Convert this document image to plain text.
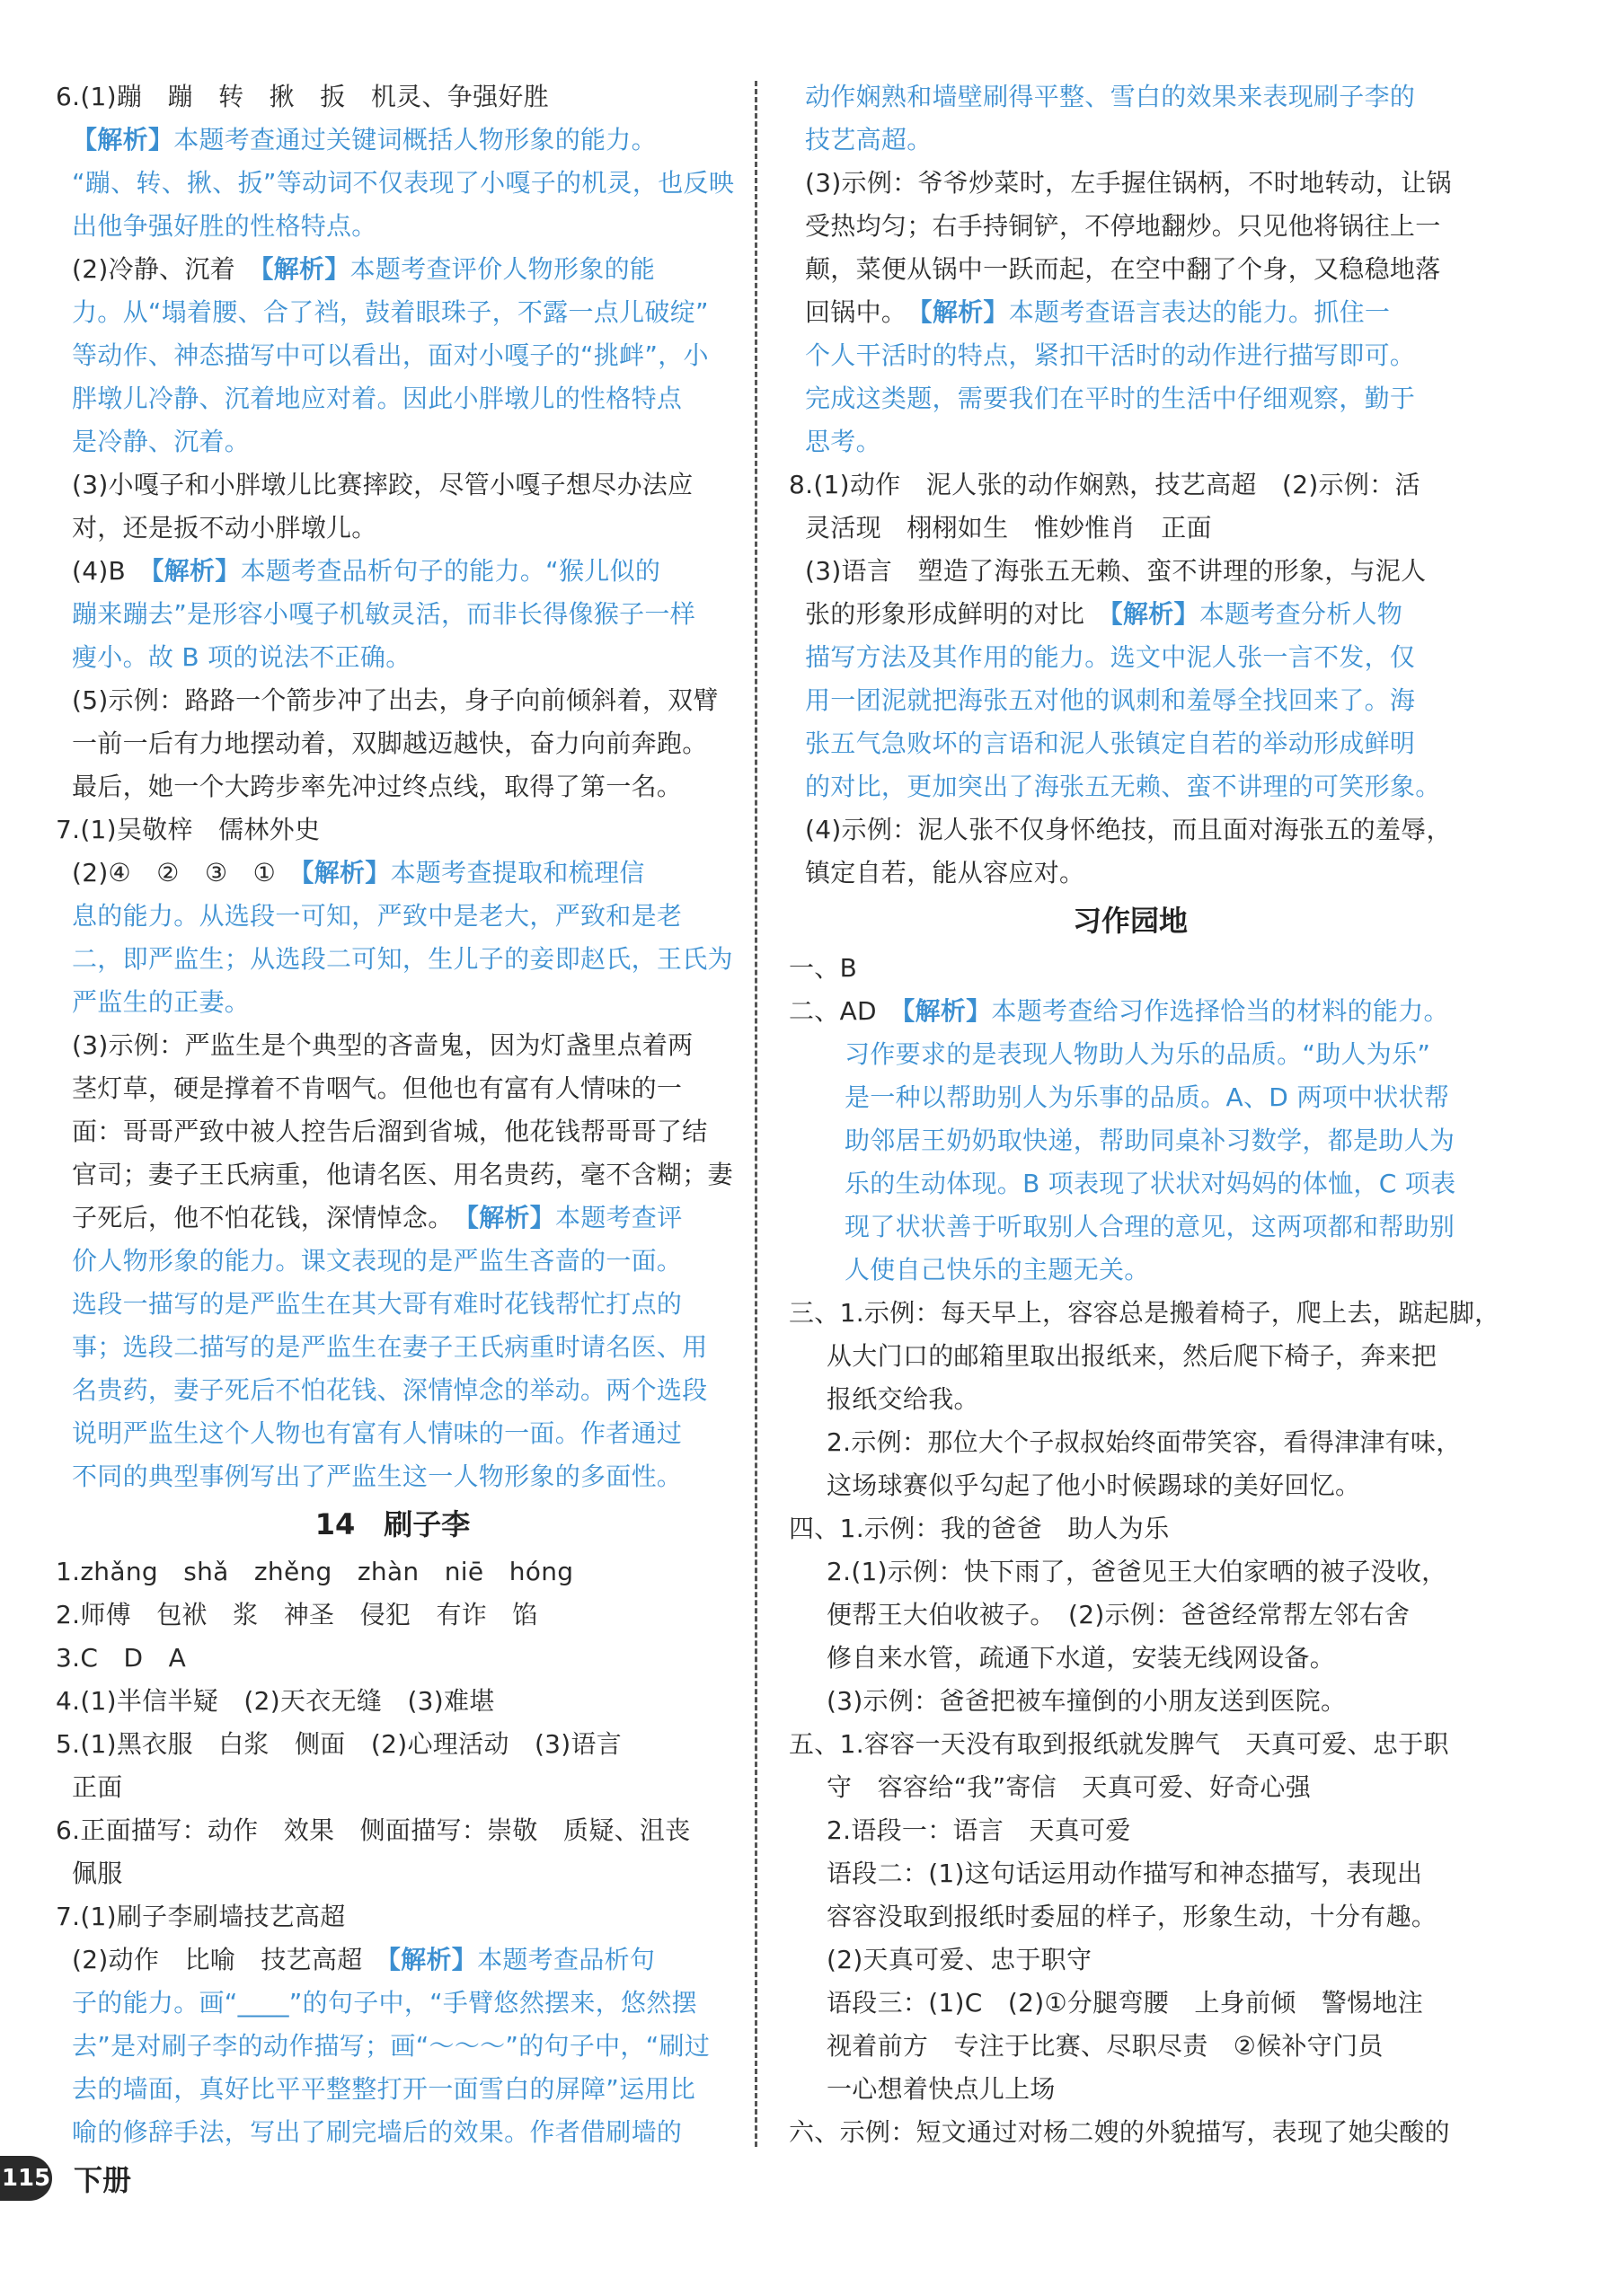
6.(1)蹦　蹦　转　揪　扳　机灵、争强好胜
【解析】本题考查通过关键词概括人物形象的能力。
“蹦、转、揪、扳”等动词不仅表现了小嘎子的机灵，也反映
出他争强好胜的性格特点。
(2)冷静、沉着　【解析】本题考查评价人物形象的能
力。从“塌着腰、合了裆，鼓着眼珠子，不露一点儿破绽”
等动作、神态描写中可以看出，面对小嘎子的“挑衅”，小
胖墩儿冷静、沉着地应对着。因此小胖墩儿的性格特点
是冷静、沉着。
(3)小嘎子和小胖墩儿比赛摔跤，尽管小嘎子想尽办法应
对，还是扳不动小胖墩儿。
(4)B　【解析】本题考查品析句子的能力。“猴儿似的
蹦来蹦去”是形容小嘎子机敏灵活，而非长得像猴子一样
瘦小。故 B 项的说法不正确。
(5)示例：路路一个箭步冲了出去，身子向前倾斜着，双臂
一前一后有力地摆动着，双脚越迈越快，奋力向前奔跑。
最后，她一个大跨步率先冲过终点线，取得了第一名。
7.(1)吴敬梓　儒林外史
(2)④　②　③　①　【解析】本题考查提取和梳理信
息的能力。从选段一可知，严致中是老大，严致和是老
二，即严监生；从选段二可知，生儿子的妾即赵氏，王氏为
严监生的正妻。
(3)示例：严监生是个典型的吝啬鬼，因为灯盏里点着两
茎灯草，硬是撑着不肯咽气。但他也有富有人情味的一
面：哥哥严致中被人控告后溜到省城，他花钱帮哥哥了结
官司；妻子王氏病重，他请名医、用名贵药，毫不含糊；妻
子死后，他不怕花钱，深情悼念。　【解析】本题考查评
价人物形象的能力。课文表现的是严监生吝啬的一面。
选段一描写的是严监生在其大哥有难时花钱帮忙打点的
事；选段二描写的是严监生在妻子王氏病重时请名医、用
名贵药，妻子死后不怕花钱、深情悼念的举动。两个选段
说明严监生这个人物也有富有人情味的一面。作者通过
不同的典型事例写出了严监生这一人物形象的多面性。
14　刷子李
1.zhǎng　shǎ　zhěng　zhàn　niē　hóng
2.师傅　包袱　浆　神圣　侵犯　有诈　馅
3.C　D　A
4.(1)半信半疑　(2)天衣无缝　(3)难堪
5.(1)黑衣服　白浆　侧面　(2)心理活动　(3)语言
正面
6.正面描写：动作　效果　侧面描写：崇敬　质疑、沮丧
佩服
7.(1)刷子李刷墙技艺高超
(2)动作　比喻　技艺高超　【解析】本题考查品析句
子的能力。画“____”的句子中，“手臂悠然摆来，悠然摆
去”是对刷子李的动作描写；画“～～～”的句子中，“刷过
去的墙面，真好比平平整整打开一面雪白的屏障”运用比
喻的修辞手法，写出了刷完墙后的效果。作者借刷墙的
动作娴熟和墙壁刷得平整、雪白的效果来表现刷子李的
技艺高超。
(3)示例：爷爷炒菜时，左手握住锅柄，不时地转动，让锅
受热均匀；右手持铜铲，不停地翻炒。只见他将锅往上一
颠，菜便从锅中一跃而起，在空中翻了个身，又稳稳地落
回锅中。　【解析】本题考查语言表达的能力。抓住一
个人干活时的特点，紧扣干活时的动作进行描写即可。
完成这类题，需要我们在平时的生活中仔细观察，勤于
思考。
8.(1)动作　泥人张的动作娴熟，技艺高超　(2)示例：活
灵活现　栩栩如生　惟妙惟肖　正面
(3)语言　塑造了海张五无赖、蛮不讲理的形象，与泥人
张的形象形成鲜明的对比　【解析】本题考查分析人物
描写方法及其作用的能力。选文中泥人张一言不发，仅
用一团泥就把海张五对他的讽刺和羞辱全找回来了。海
张五气急败坏的言语和泥人张镇定自若的举动形成鲜明
的对比，更加突出了海张五无赖、蛮不讲理的可笑形象。
(4)示例：泥人张不仅身怀绝技，而且面对海张五的羞辱，
镇定自若，能从容应对。
习作园地
一、B
二、AD　【解析】本题考查给习作选择恰当的材料的能力。
习作要求的是表现人物助人为乐的品质。“助人为乐”
是一种以帮助别人为乐事的品质。A、D 两项中状状帮
助邻居王奶奶取快递，帮助同桌补习数学，都是助人为
乐的生动体现。B 项表现了状状对妈妈的体恤，C 项表
现了状状善于听取别人合理的意见，这两项都和帮助别
人使自己快乐的主题无关。
三、1.示例：每天早上，容容总是搬着椅子，爬上去，踮起脚，
从大门口的邮箱里取出报纸来，然后爬下椅子，奔来把
报纸交给我。
2.示例：那位大个子叔叔始终面带笑容，看得津津有味，
这场球赛似乎勾起了他小时候踢球的美好回忆。
四、1.示例：我的爸爸　助人为乐
2.(1)示例：快下雨了，爸爸见王大伯家晒的被子没收，
便帮王大伯收被子。　(2)示例：爸爸经常帮左邻右舍
修自来水管，疏通下水道，安装无线网设备。
(3)示例：爸爸把被车撞倒的小朋友送到医院。
五、1.容容一天没有取到报纸就发脾气　天真可爱、忠于职
守　容容给“我”寄信　天真可爱、好奇心强
2.语段一：语言　天真可爱
语段二：(1)这句话运用动作描写和神态描写，表现出
容容没取到报纸时委屈的样子，形象生动，十分有趣。
(2)天真可爱、忠于职守
语段三：(1)C　(2)①分腿弯腰　上身前倾　警惕地注
视着前方　专注于比赛、尽职尽责　②候补守门员
一心想着快点儿上场
六、示例：短文通过对杨二嫂的外貌描写，表现了她尖酸的
115 下册
